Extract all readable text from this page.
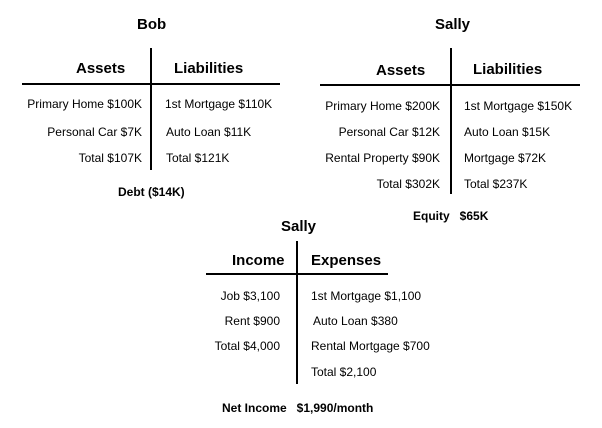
Bob
Assets	Liabilities
Primary Home $100K
Personal Car $7K
Total $107K
1st Mortgage $110K
Auto Loan $11K
Total $121K
Debt ($14K)
Sally
Assets	Liabilities
Primary Home $200K
Personal Car $12K
Rental Property $90K
Total $302K
1st Mortgage $150K
Auto Loan $15K
Mortgage $72K
Total $237K
Equity   $65K
Sally
Income Expenses
Job $3,100
Rent $900
Total $4,000
1st Mortgage $1,100
Auto Loan $380
Rental Mortgage $700
Total $2,100
Net Income   $1,990/month
